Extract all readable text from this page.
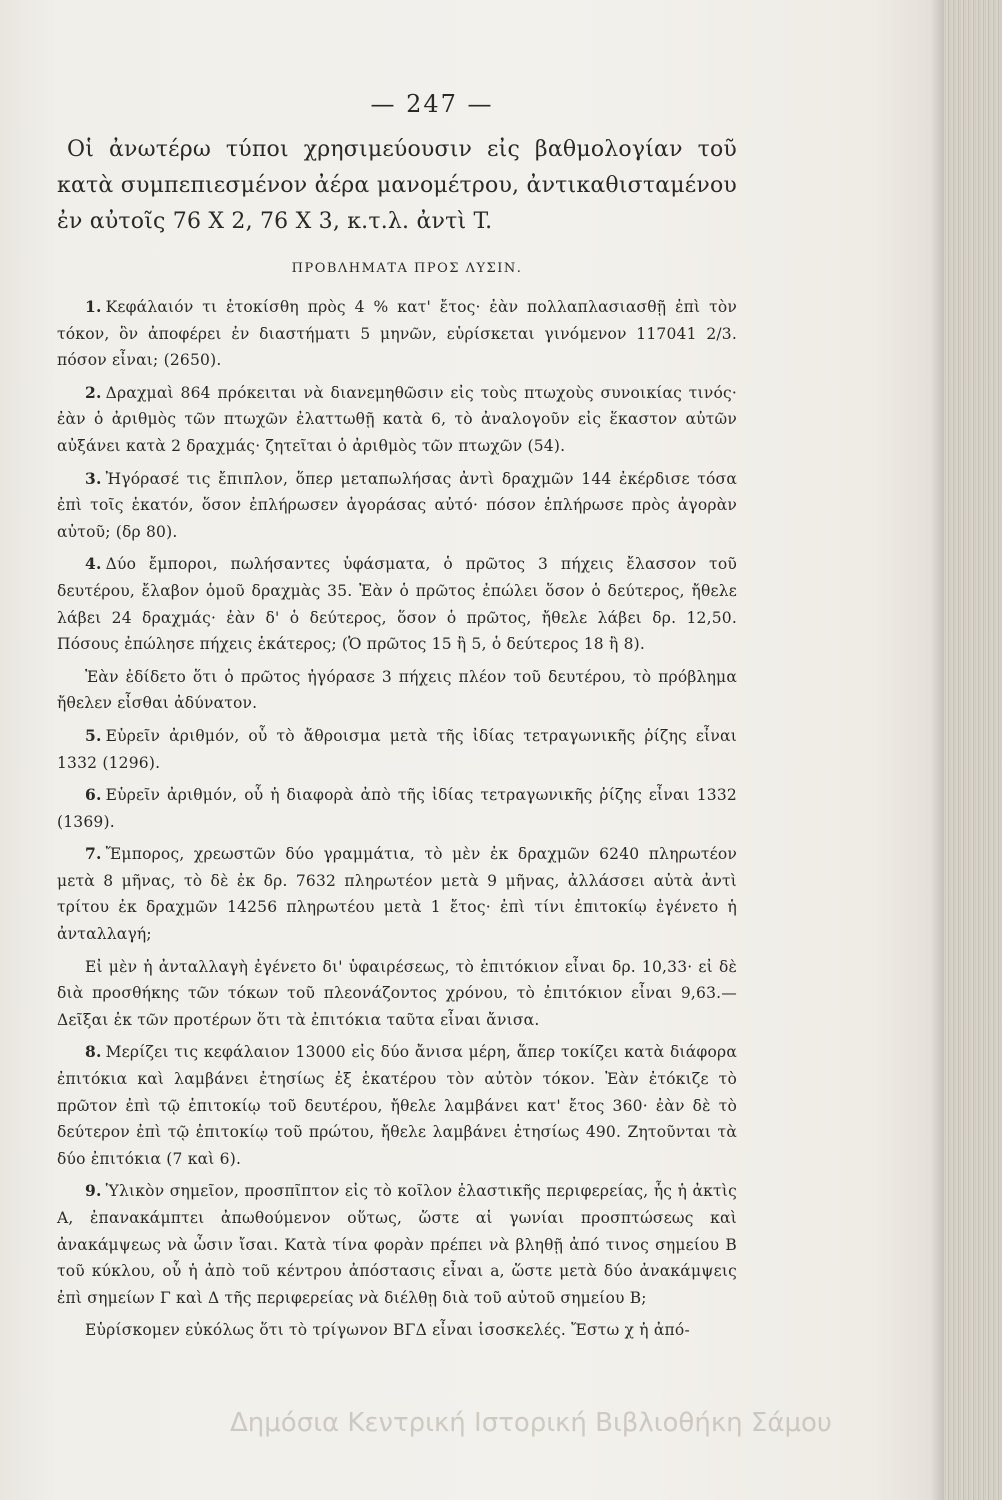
— 247 —

Οἱ ἀνωτέρω τύποι χρησιμεύουσιν εἰς βαθμολογίαν τοῦ κατὰ συμπεπιεσμένον ἀέρα μανομέτρου, ἀντικαθισταμένου ἐν αὐτοῖς 76 X 2, 76 X 3, κ.τ.λ. ἀντὶ T.

ΠΡΟΒΛΗΜΑΤΑ ΠΡΟΣ ΛΥΣΙΝ.

1. Κεφάλαιόν τι ἐτοκίσθη πρὸς 4 % κατ' ἔτος· ἐὰν πολλαπλασιασθῇ ἐπὶ τὸν τόκον, ὃν ἀποφέρει ἐν διαστήματι 5 μηνῶν, εὑρίσκεται γινόμενον 117041 2/3. πόσον εἶναι; (2650).

2. Δραχμαὶ 864 πρόκειται νὰ διανεμηθῶσιν εἰς τοὺς πτωχοὺς συνοικίας τινός· ἐὰν ὁ ἀριθμὸς τῶν πτωχῶν ἐλαττωθῇ κατὰ 6, τὸ ἀναλογοῦν εἰς ἕκαστον αὐτῶν αὐξάνει κατὰ 2 δραχμάς· ζητεῖται ὁ ἀριθμὸς τῶν πτωχῶν (54).

3. Ἠγόρασέ τις ἔπιπλον, ὅπερ μεταπωλήσας ἀντὶ δραχμῶν 144 ἐκέρδισε τόσα ἐπὶ τοῖς ἑκατόν, ὅσον ἐπλήρωσεν ἀγοράσας αὐτό· πόσον ἐπλήρωσε πρὸς ἀγορὰν αὐτοῦ; (δρ 80).

4. Δύο ἔμποροι, πωλήσαντες ὑφάσματα, ὁ πρῶτος 3 πήχεις ἔλασσον τοῦ δευτέρου, ἔλαβον ὁμοῦ δραχμὰς 35. Ἐὰν ὁ πρῶτος ἐπώλει ὅσον ὁ δεύτερος, ἤθελε λάβει 24 δραχμάς· ἐὰν δ' ὁ δεύτερος, ὅσον ὁ πρῶτος, ἤθελε λάβει δρ. 12,50. Πόσους ἐπώλησε πήχεις ἑκάτερος; (Ὁ πρῶτος 15 ἢ 5, ὁ δεύτερος 18 ἢ 8).

Ἐὰν ἐδίδετο ὅτι ὁ πρῶτος ἠγόρασε 3 πήχεις πλέον τοῦ δευτέρου, τὸ πρόβλημα ἤθελεν εἶσθαι ἀδύνατον.

5. Εὑρεῖν ἀριθμόν, οὗ τὸ ἄθροισμα μετὰ τῆς ἰδίας τετραγωνικῆς ῥίζης εἶναι 1332 (1296).

6. Εὑρεῖν ἀριθμόν, οὗ ἡ διαφορὰ ἀπὸ τῆς ἰδίας τετραγωνικῆς ῥίζης εἶναι 1332 (1369).

7. Ἔμπορος, χρεωστῶν δύο γραμμάτια, τὸ μὲν ἐκ δραχμῶν 6240 πληρωτέον μετὰ 8 μῆνας, τὸ δὲ ἐκ δρ. 7632 πληρωτέον μετὰ 9 μῆνας, ἀλλάσσει αὐτὰ ἀντὶ τρίτου ἐκ δραχμῶν 14256 πληρωτέου μετὰ 1 ἔτος· ἐπὶ τίνι ἐπιτοκίῳ ἐγένετο ἡ ἀνταλλαγή;

Εἰ μὲν ἡ ἀνταλλαγὴ ἐγένετο δι' ὑφαιρέσεως, τὸ ἐπιτόκιον εἶναι δρ. 10,33· εἰ δὲ διὰ προσθήκης τῶν τόκων τοῦ πλεονάζοντος χρόνου, τὸ ἐπιτόκιον εἶναι 9,63.— Δεῖξαι ἐκ τῶν προτέρων ὅτι τὰ ἐπιτόκια ταῦτα εἶναι ἄνισα.

8. Μερίζει τις κεφάλαιον 13000 εἰς δύο ἄνισα μέρη, ἅπερ τοκίζει κατὰ διάφορα ἐπιτόκια καὶ λαμβάνει ἐτησίως ἐξ ἑκατέρου τὸν αὐτὸν τόκον. Ἐὰν ἐτόκιζε τὸ πρῶτον ἐπὶ τῷ ἐπιτοκίῳ τοῦ δευτέρου, ἤθελε λαμβάνει κατ' ἔτος 360· ἐὰν δὲ τὸ δεύτερον ἐπὶ τῷ ἐπιτοκίῳ τοῦ πρώτου, ἤθελε λαμβάνει ἐτησίως 490. Ζητοῦνται τὰ δύο ἐπιτόκια (7 καὶ 6).

9. Ὑλικὸν σημεῖον, προσπῖπτον εἰς τὸ κοῖλον ἐλαστικῆς περιφερείας, ἧς ἡ ἀκτὶς A, ἐπανακάμπτει ἀπωθούμενον οὕτως, ὥστε αἱ γωνίαι προσπτώσεως καὶ ἀνακάμψεως νὰ ὦσιν ἴσαι. Κατὰ τίνα φορὰν πρέπει νὰ βληθῇ ἀπό τινος σημείου B τοῦ κύκλου, οὗ ἡ ἀπὸ τοῦ κέντρου ἀπόστασις εἶναι a, ὥστε μετὰ δύο ἀνακάμψεις ἐπὶ σημείων Γ καὶ Δ τῆς περιφερείας νὰ διέλθῃ διὰ τοῦ αὐτοῦ σημείου B;

Εὑρίσκομεν εὐκόλως ὅτι τὸ τρίγωνον ΒΓΔ εἶναι ἰσοσκελές. Ἔστω χ ἡ ἀπό-

Δημόσια Κεντρική Ιστορική Βιβλιοθήκη Σάμου
